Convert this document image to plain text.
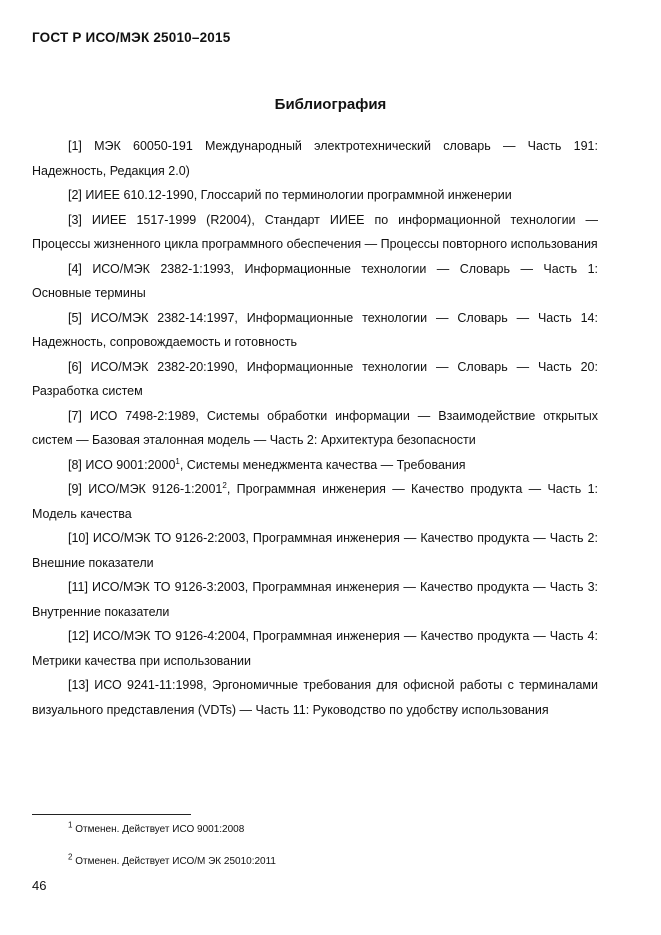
ГОСТ Р ИСО/МЭК 25010–2015
Библиография

[1] МЭК 60050-191 Международный электротехнический словарь — Часть 191: Надежность, Редакция 2.0)

[2] ИИЕЕ 610.12-1990, Глоссарий по терминологии программной инженерии

[3] ИИЕЕ 1517-1999 (R2004), Стандарт ИИЕЕ по информационной технологии — Процессы жизненного цикла программного обеспечения — Процессы повторного использования

[4] ИСО/МЭК 2382-1:1993, Информационные технологии — Словарь — Часть 1: Основные термины

[5] ИСО/МЭК 2382-14:1997, Информационные технологии — Словарь — Часть 14: Надежность, сопровождаемость и готовность

[6] ИСО/МЭК 2382-20:1990, Информационные технологии — Словарь — Часть 20: Разработка систем

[7] ИСО 7498-2:1989, Системы обработки информации — Взаимодействие открытых систем — Базовая эталонная модель — Часть 2: Архитектура безопасности

[8] ИСО 9001:2000$^1$, Системы менеджмента качества — Требования

[9] ИСО/МЭК 9126-1:2001$^2$, Программная инженерия — Качество продукта — Часть 1: Модель качества

[10] ИСО/МЭК ТО 9126-2:2003, Программная инженерия — Качество продукта — Часть 2: Внешние показатели

[11] ИСО/МЭК ТО 9126-3:2003, Программная инженерия — Качество продукта — Часть 3: Внутренние показатели

[12] ИСО/МЭК ТО 9126-4:2004, Программная инженерия — Качество продукта — Часть 4: Метрики качества при использовании

[13] ИСО 9241-11:1998, Эргономичные требования для офисной работы с терминалами визуального представления (VDTs) — Часть 11: Руководство по удобству использования

$^1$ Отменен. Действует ИСО 9001:2008
$^2$ Отменен. Действует ИСО/М ЭК 25010:2011
46
